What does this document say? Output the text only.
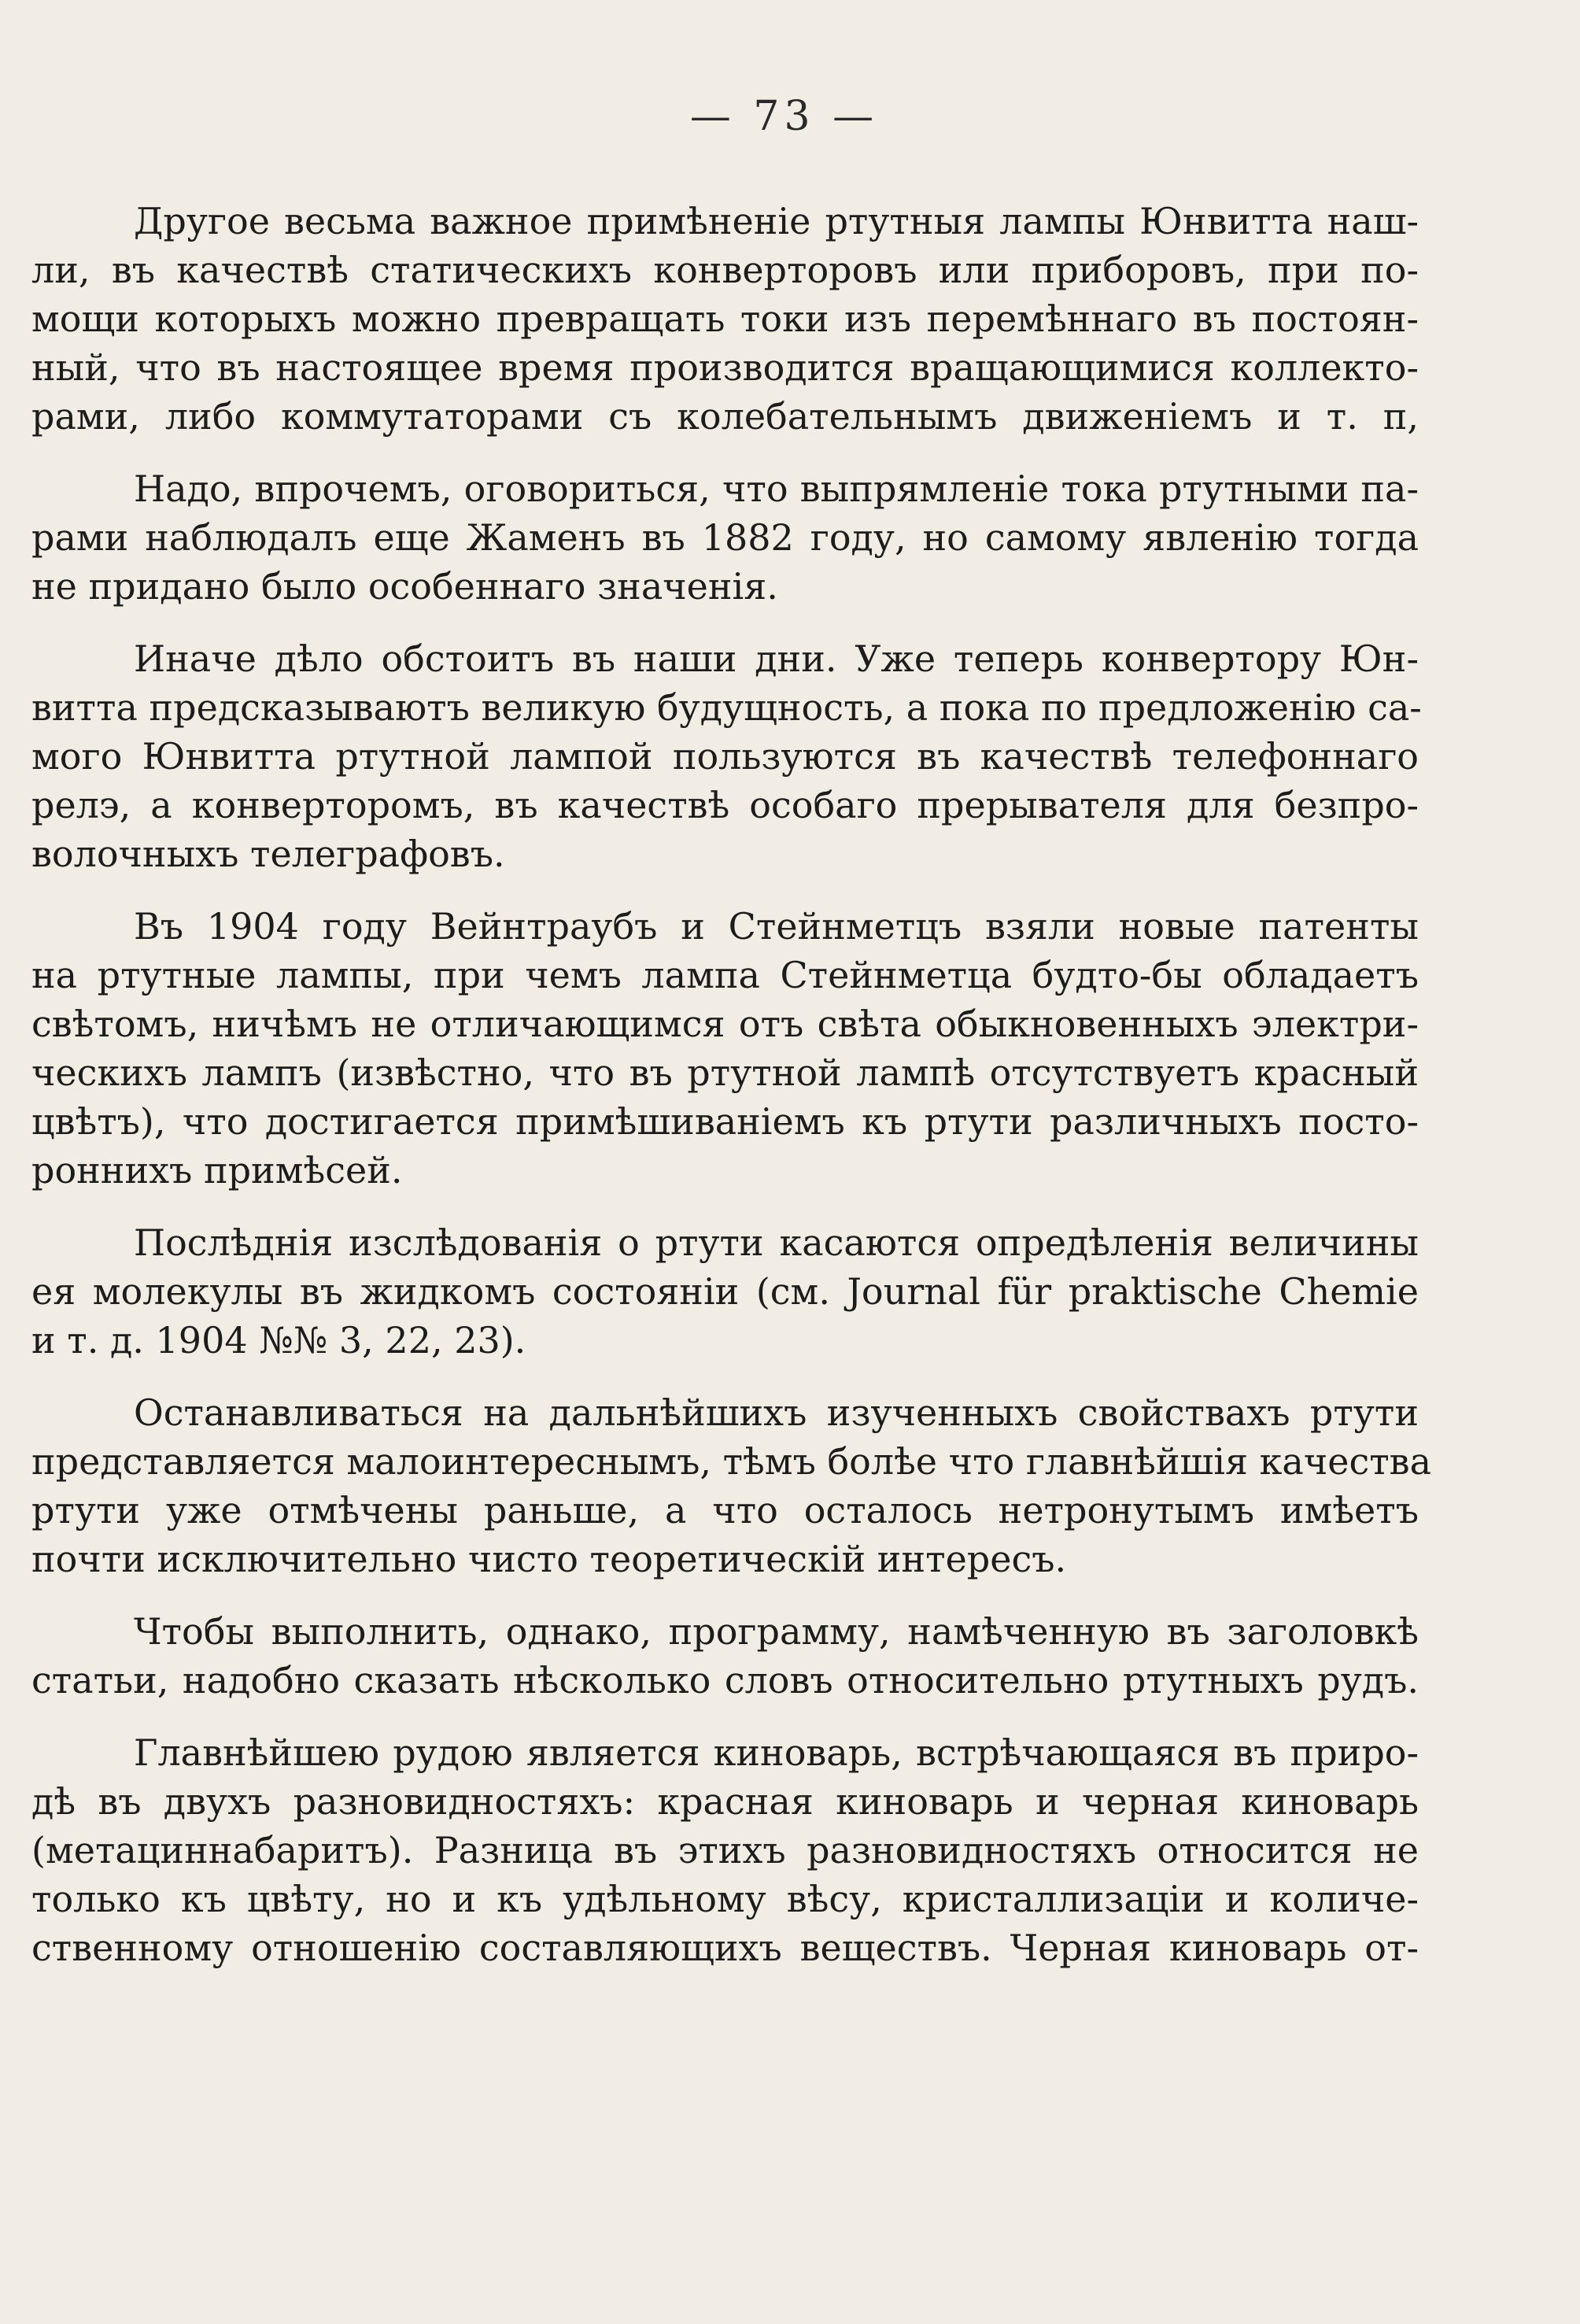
— 73 —
Другое весьма важное примѣненіе ртутныя лампы Юнвитта наш-
ли, въ качествѣ статическихъ конверторовъ или приборовъ, при по-
мощи которыхъ можно превращать токи изъ перемѣннаго въ постоян-
ный, что въ настоящее время производится вращающимися коллекто-
рами, либо коммутаторами съ колебательнымъ движеніемъ и т. п,
Надо, впрочемъ, оговориться, что выпрямленіе тока ртутными па-
рами наблюдалъ еще Жаменъ въ 1882 году, но самому явленію тогда
не придано было особеннаго значенія.
Иначе дѣло обстоитъ въ наши дни. Уже теперь конвертору Юн-
витта предсказываютъ великую будущность, а пока по предложенію са-
мого Юнвитта ртутной лампой пользуются въ качествѣ телефоннаго
релэ, а конверторомъ, въ качествѣ особаго прерывателя для безпро-
волочныхъ телеграфовъ.
Въ 1904 году Вейнтраубъ и Стейнметцъ взяли новые патенты
на ртутные лампы, при чемъ лампа Стейнметца будто-бы обладаетъ
свѣтомъ, ничѣмъ не отличающимся отъ свѣта обыкновенныхъ электри-
ческихъ лампъ (извѣстно, что въ ртутной лампѣ отсутствуетъ красный
цвѣтъ), что достигается примѣшиваніемъ къ ртути различныхъ посто-
роннихъ примѣсей.
Послѣднія изслѣдованія о ртути касаются опредѣленія величины
ея молекулы въ жидкомъ состояніи (см. Journal für praktische Chemie
и т. д. 1904 №№ 3, 22, 23).
Останавливаться на дальнѣйшихъ изученныхъ свойствахъ ртути
представляется малоинтереснымъ, тѣмъ болѣе что главнѣйшія качества
ртути уже отмѣчены раньше, а что осталось нетронутымъ имѣетъ
почти исключительно чисто теоретическій интересъ.
Чтобы выполнить, однако, программу, намѣченную въ заголовкѣ
статьи, надобно сказать нѣсколько словъ относительно ртутныхъ рудъ.
Главнѣйшею рудою является киноварь, встрѣчающаяся въ приро-
дѣ въ двухъ разновидностяхъ: красная киноварь и черная киноварь
(метациннабаритъ). Разница въ этихъ разновидностяхъ относится не
только къ цвѣту, но и къ удѣльному вѣсу, кристаллизаціи и количе-
ственному отношенію составляющихъ веществъ. Черная киноварь от-
